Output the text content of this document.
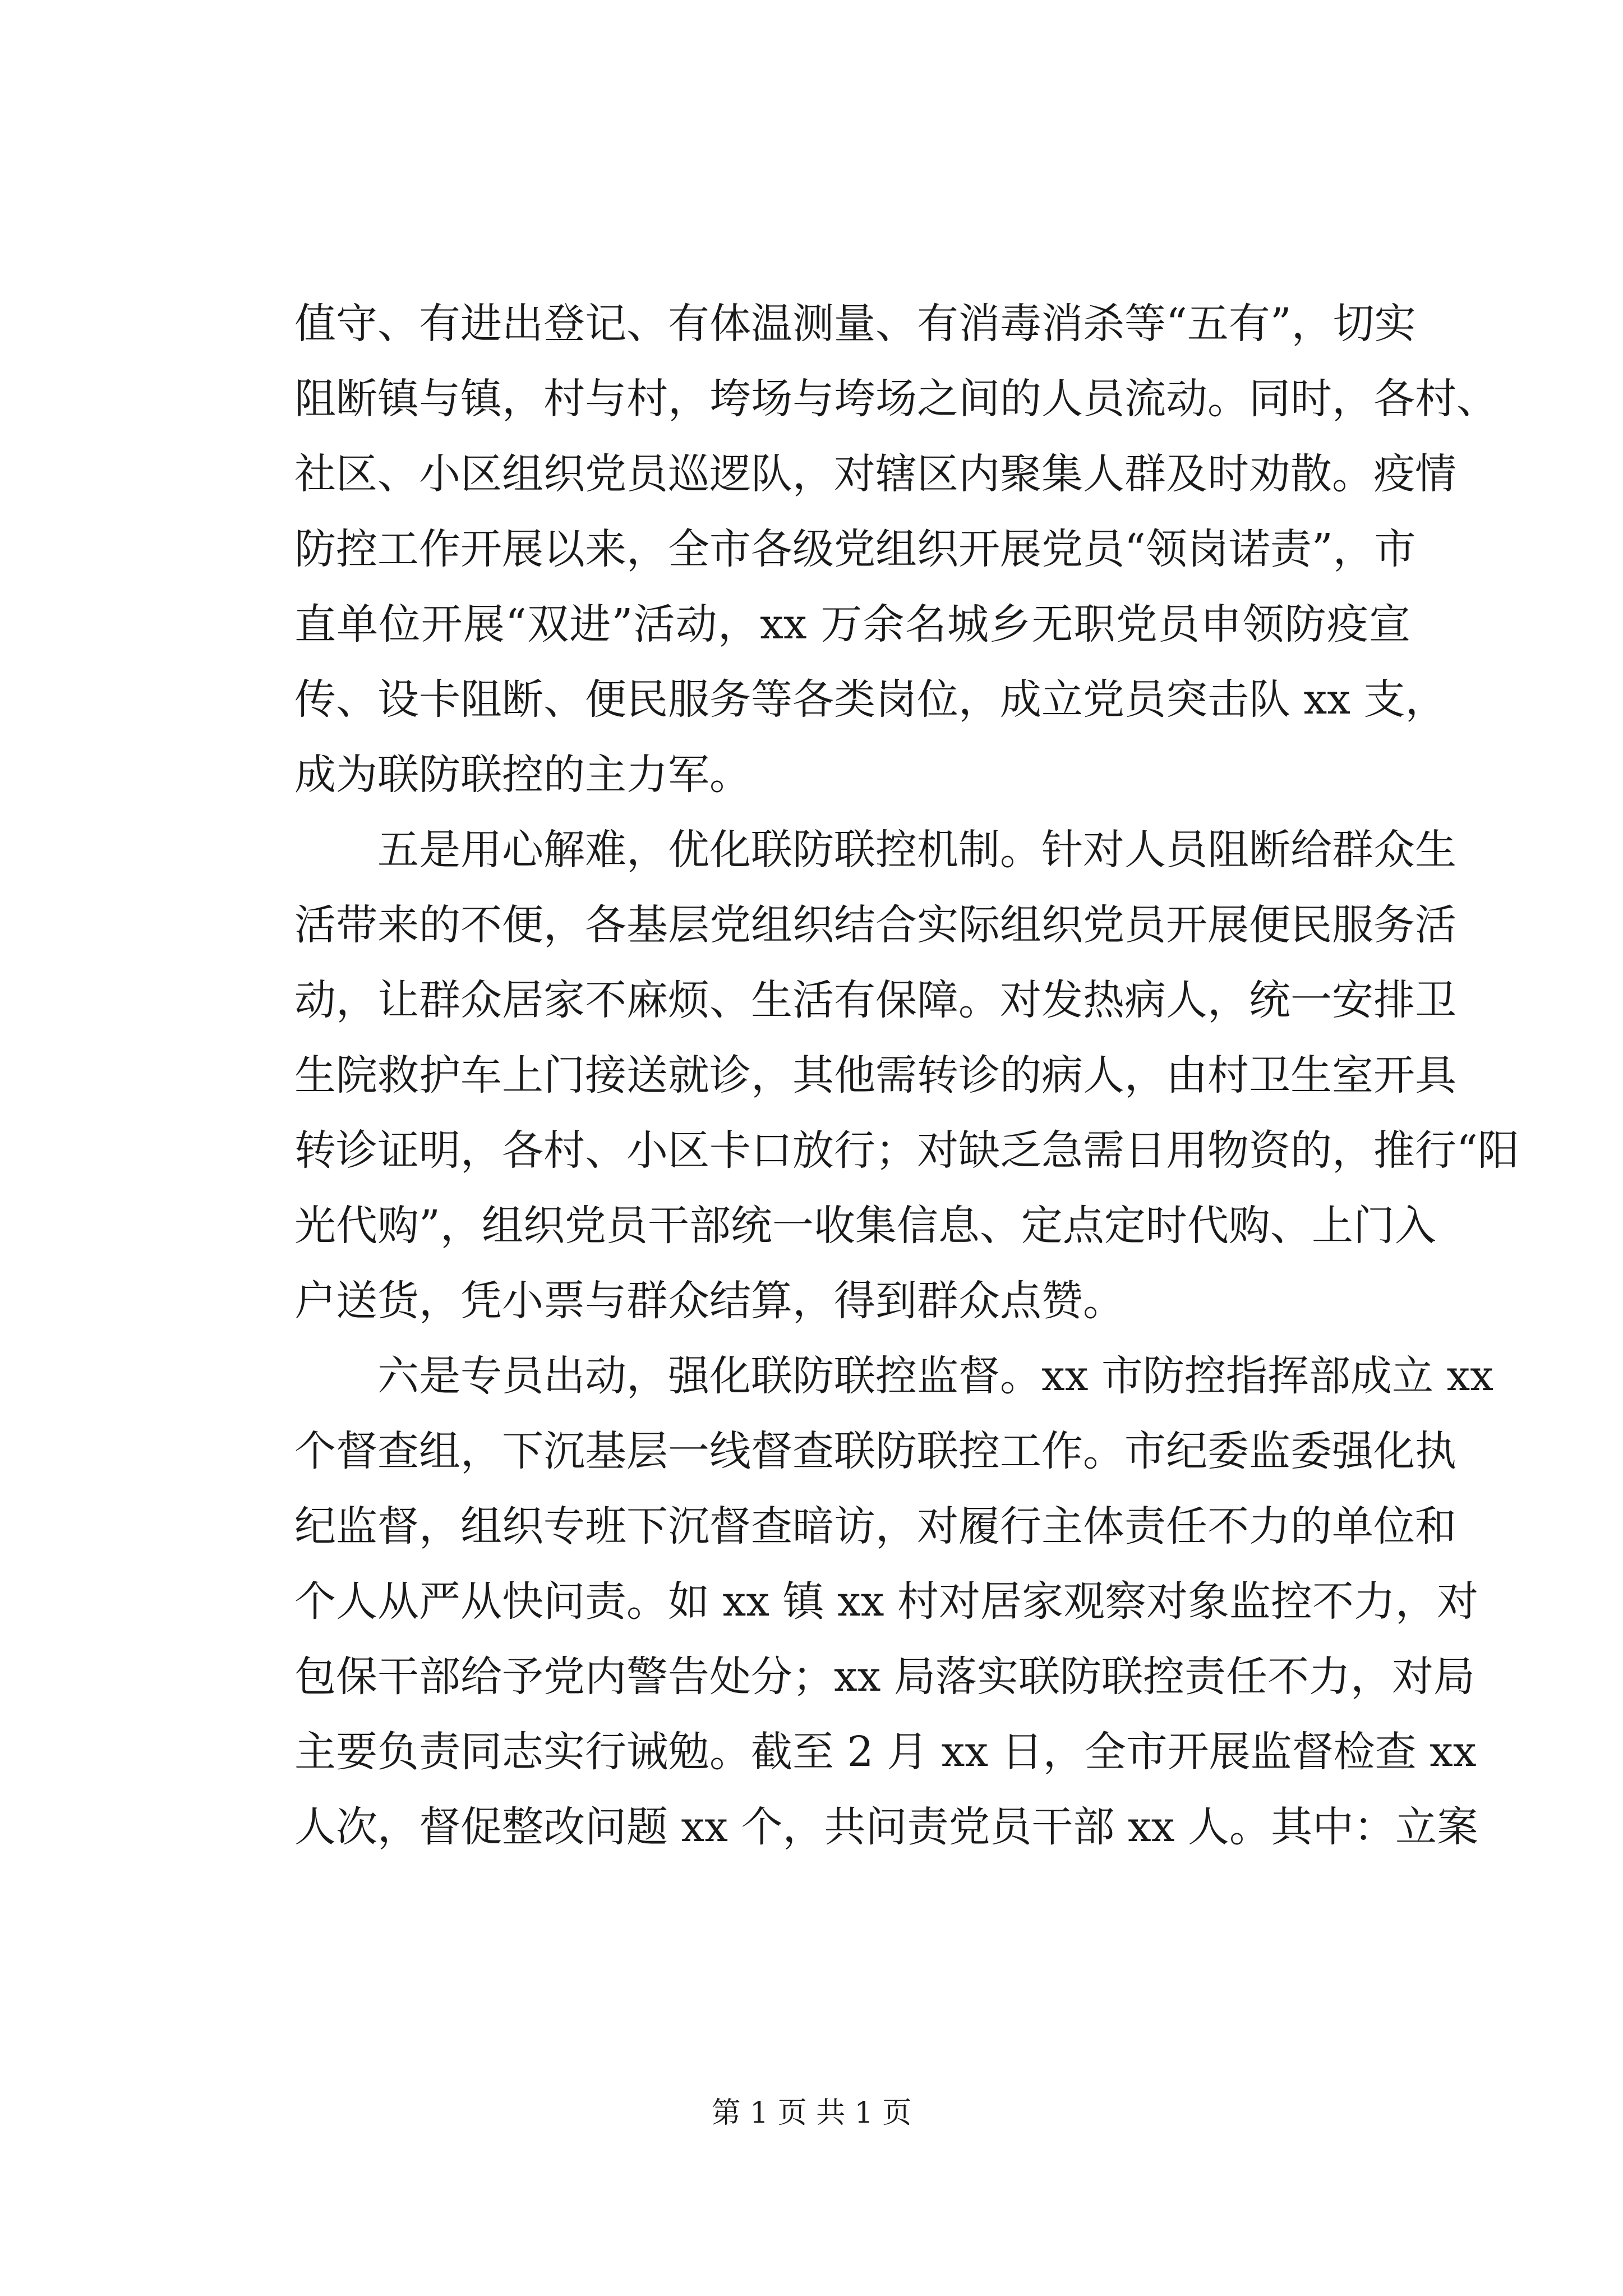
值守、有进出登记、有体温测量、有消毒消杀等“五有”，切实
阻断镇与镇，村与村，垮场与垮场之间的人员流动。同时，各村、
社区、小区组织党员巡逻队，对辖区内聚集人群及时劝散。疫情
防控工作开展以来，全市各级党组织开展党员“领岗诺责”，市
直单位开展“双进”活动，xx 万余名城乡无职党员申领防疫宣
传、设卡阻断、便民服务等各类岗位，成立党员突击队 xx 支，
成为联防联控的主力军。
　　五是用心解难，优化联防联控机制。针对人员阻断给群众生
活带来的不便，各基层党组织结合实际组织党员开展便民服务活
动，让群众居家不麻烦、生活有保障。对发热病人，统一安排卫
生院救护车上门接送就诊，其他需转诊的病人，由村卫生室开具
转诊证明，各村、小区卡口放行；对缺乏急需日用物资的，推行“阳
光代购”，组织党员干部统一收集信息、定点定时代购、上门入
户送货，凭小票与群众结算，得到群众点赞。
　　六是专员出动，强化联防联控监督。xx 市防控指挥部成立 xx
个督查组，下沉基层一线督查联防联控工作。市纪委监委强化执
纪监督，组织专班下沉督查暗访，对履行主体责任不力的单位和
个人从严从快问责。如 xx 镇 xx 村对居家观察对象监控不力，对
包保干部给予党内警告处分；xx 局落实联防联控责任不力，对局
主要负责同志实行诫勉。截至 2 月 xx 日，全市开展监督检查 xx
人次，督促整改问题 xx 个，共问责党员干部 xx 人。其中：立案
第 1 页 共 1 页
